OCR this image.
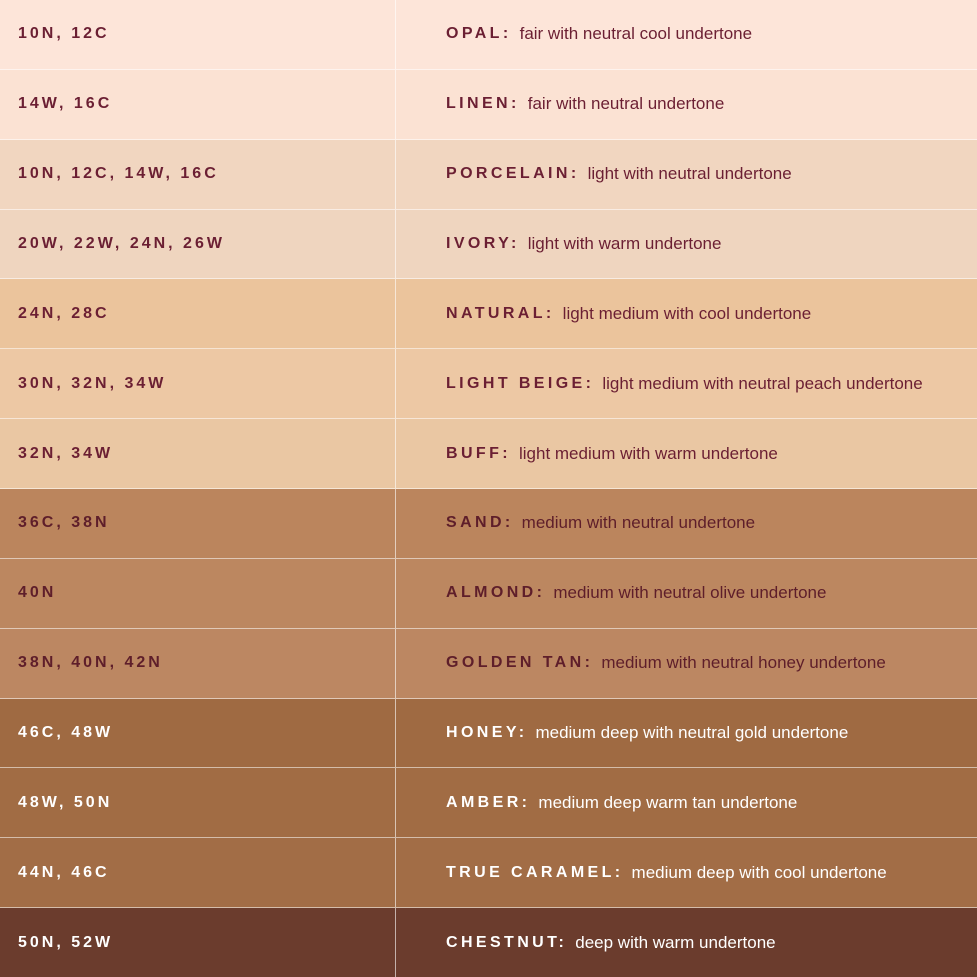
10N, 12C	OPAL: fair with neutral cool undertone
14W, 16C	LINEN: fair with neutral undertone
10N, 12C, 14W, 16C	PORCELAIN: light with neutral undertone
20W, 22W, 24N, 26W	IVORY: light with warm undertone
24N, 28C	NATURAL: light medium with cool undertone
30N, 32N, 34W	LIGHT BEIGE: light medium with neutral peach undertone
32N, 34W	BUFF: light medium with warm undertone
36C, 38N	SAND: medium with neutral undertone
40N	ALMOND: medium with neutral olive undertone
38N, 40N, 42N	GOLDEN TAN: medium with neutral honey undertone
46C, 48W	HONEY: medium deep with neutral gold undertone
48W, 50N	AMBER: medium deep warm tan undertone
44N, 46C	TRUE CARAMEL: medium deep with cool undertone
50N, 52W	CHESTNUT: deep with warm undertone
